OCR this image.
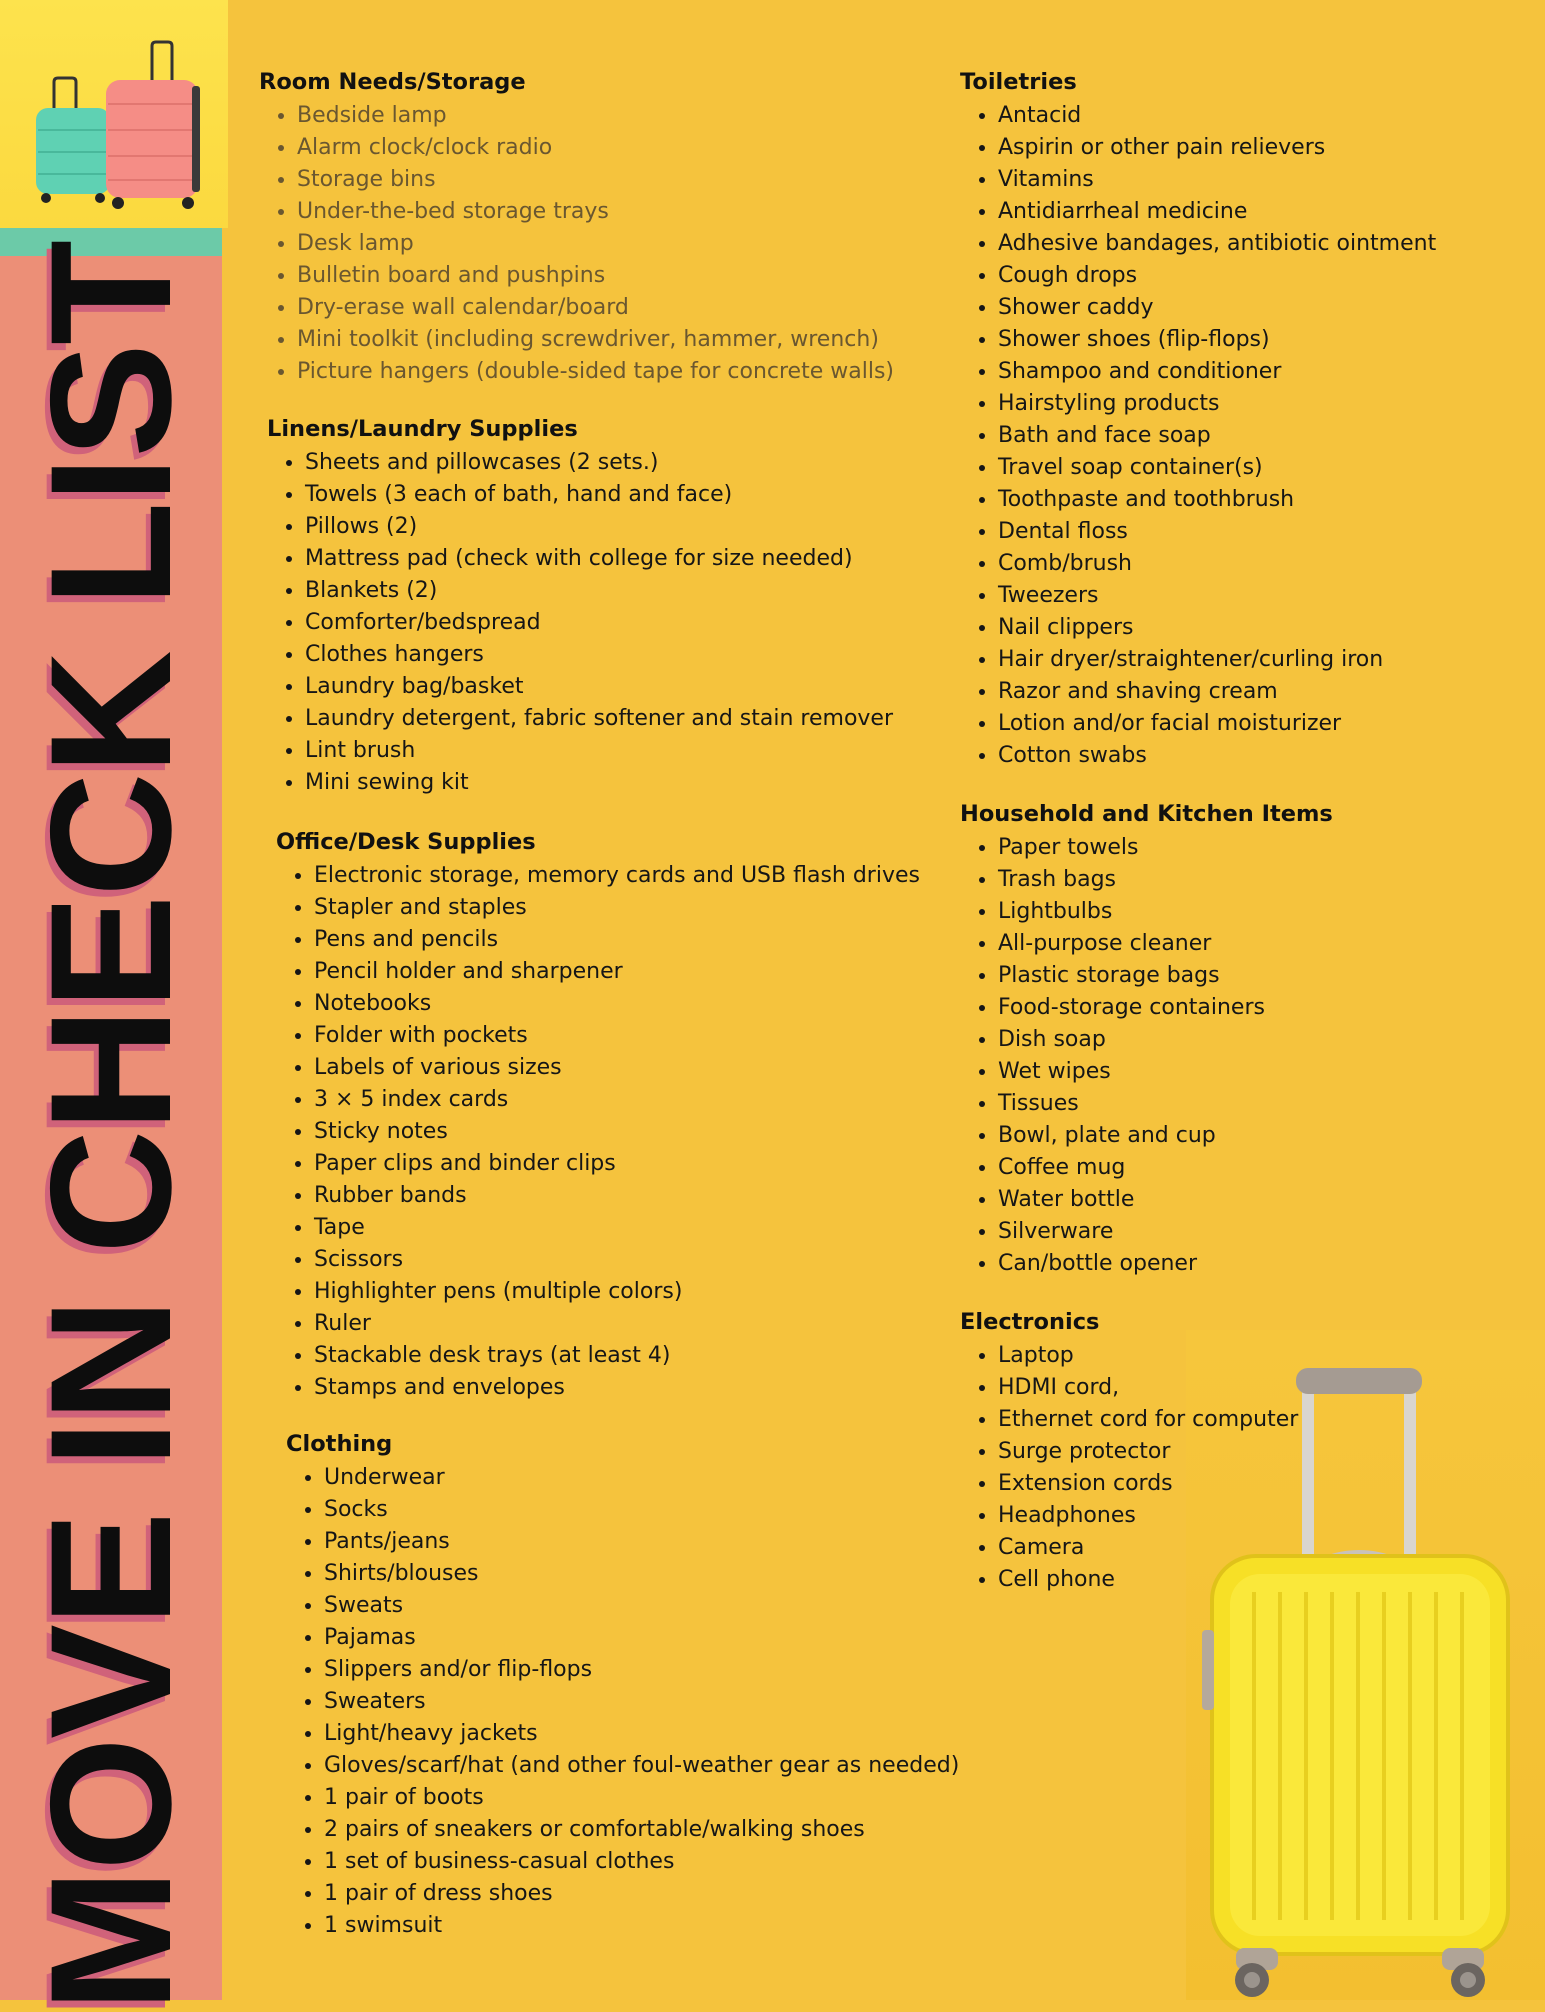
MOVE IN CHECK LIST
Room Needs/Storage
• Bedside lamp
• Alarm clock/clock radio
• Storage bins
• Under-the-bed storage trays
• Desk lamp
• Bulletin board and pushpins
• Dry-erase wall calendar/board
• Mini toolkit (including screwdriver, hammer, wrench)
• Picture hangers (double-sided tape for concrete walls)
Linens/Laundry Supplies
• Sheets and pillowcases (2 sets.)
• Towels (3 each of bath, hand and face)
• Pillows (2)
• Mattress pad (check with college for size needed)
• Blankets (2)
• Comforter/bedspread
• Clothes hangers
• Laundry bag/basket
• Laundry detergent, fabric softener and stain remover
• Lint brush
• Mini sewing kit
Office/Desk Supplies
• Electronic storage, memory cards and USB flash drives
• Stapler and staples
• Pens and pencils
• Pencil holder and sharpener
• Notebooks
• Folder with pockets
• Labels of various sizes
• 3 × 5 index cards
• Sticky notes
• Paper clips and binder clips
• Rubber bands
• Tape
• Scissors
• Highlighter pens (multiple colors)
• Ruler
• Stackable desk trays (at least 4)
• Stamps and envelopes
Clothing
• Underwear
• Socks
• Pants/jeans
• Shirts/blouses
• Sweats
• Pajamas
• Slippers and/or flip-flops
• Sweaters
• Light/heavy jackets
• Gloves/scarf/hat (and other foul-weather gear as needed)
• 1 pair of boots
• 2 pairs of sneakers or comfortable/walking shoes
• 1 set of business-casual clothes
• 1 pair of dress shoes
• 1 swimsuit
Toiletries
• Antacid
• Aspirin or other pain relievers
• Vitamins
• Antidiarrheal medicine
• Adhesive bandages, antibiotic ointment
• Cough drops
• Shower caddy
• Shower shoes (flip-flops)
• Shampoo and conditioner
• Hairstyling products
• Bath and face soap
• Travel soap container(s)
• Toothpaste and toothbrush
• Dental floss
• Comb/brush
• Tweezers
• Nail clippers
• Hair dryer/straightener/curling iron
• Razor and shaving cream
• Lotion and/or facial moisturizer
• Cotton swabs
Household and Kitchen Items
• Paper towels
• Trash bags
• Lightbulbs
• All-purpose cleaner
• Plastic storage bags
• Food-storage containers
• Dish soap
• Wet wipes
• Tissues
• Bowl, plate and cup
• Coffee mug
• Water bottle
• Silverware
• Can/bottle opener
Electronics
• Laptop
• HDMI cord,
• Ethernet cord for computer
• Surge protector
• Extension cords
• Headphones
• Camera
• Cell phone
